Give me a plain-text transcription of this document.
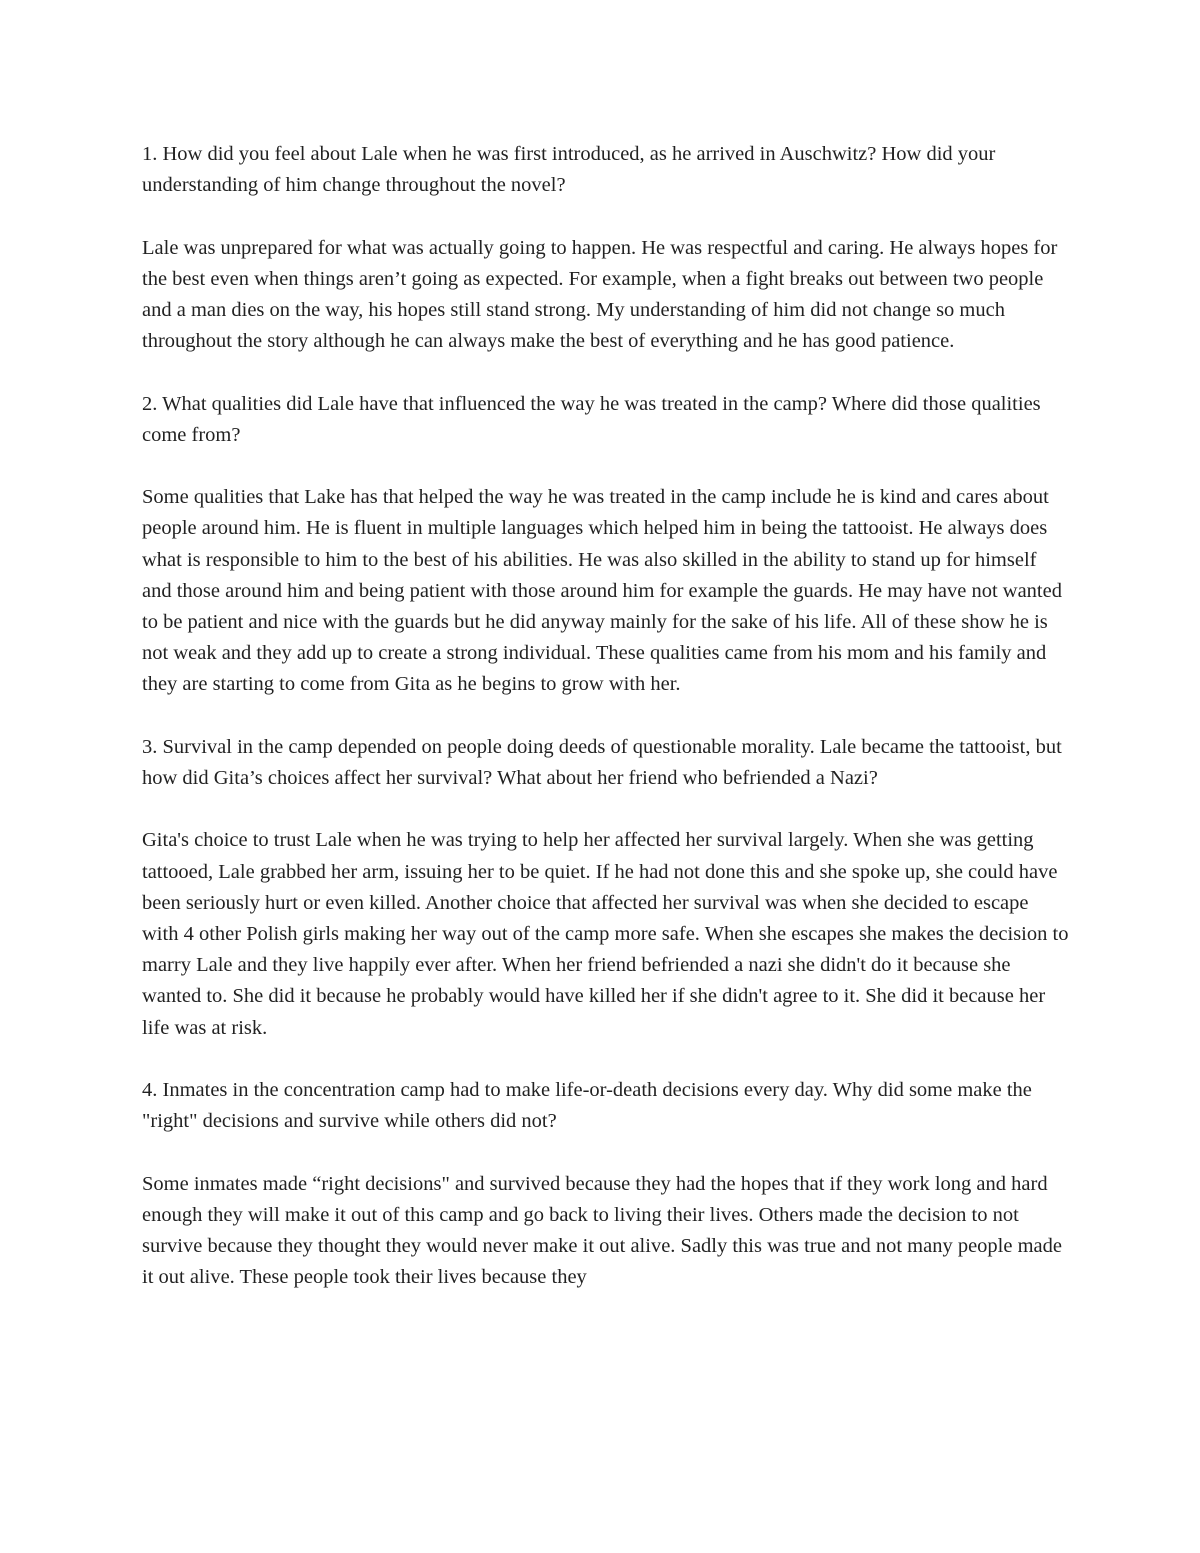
1. How did you feel about Lale when he was first introduced, as he arrived in Auschwitz? How did your understanding of him change throughout the novel?

Lale was unprepared for what was actually going to happen. He was respectful and caring. He always hopes for the best even when things aren’t going as expected. For example, when a fight breaks out between two people and a man dies on the way, his hopes still stand strong. My understanding of him did not change so much throughout the story although he can always make the best of everything and he has good patience.

2. What qualities did Lale have that influenced the way he was treated in the camp? Where did those qualities come from?

Some qualities that Lake has that helped the way he was treated in the camp include he is kind and cares about people around him. He is fluent in multiple languages which helped him in being the tattooist. He always does what is responsible to him to the best of his abilities. He was also skilled in the ability to stand up for himself and those around him and being patient with those around him for example the guards. He may have not wanted to be patient and nice with the guards but he did anyway mainly for the sake of his life. All of these show he is not weak and they add up to create a strong individual. These qualities came from his mom and his family and they are starting to come from Gita as he begins to grow with her.

3. Survival in the camp depended on people doing deeds of questionable morality. Lale became the tattooist, but how did Gita’s choices affect her survival? What about her friend who befriended a Nazi?

Gita's choice to trust Lale when he was trying to help her affected her survival largely. When she was getting tattooed, Lale grabbed her arm, issuing her to be quiet. If he had not done this and she spoke up, she could have been seriously hurt or even killed. Another choice that affected her survival was when she decided to escape with 4 other Polish girls making her way out of the camp more safe. When she escapes she makes the decision to marry Lale and they live happily ever after. When her friend befriended a nazi she didn't do it because she wanted to. She did it because he probably would have killed her if she didn't agree to it. She did it because her life was at risk.

4. Inmates in the concentration camp had to make life-or-death decisions every day. Why did some make the "right" decisions and survive while others did not?

Some inmates made “right decisions" and survived because they had the hopes that if they work long and hard enough they will make it out of this camp and go back to living their lives. Others made the decision to not survive because they thought they would never make it out alive. Sadly this was true and not many people made it out alive. These people took their lives because they
